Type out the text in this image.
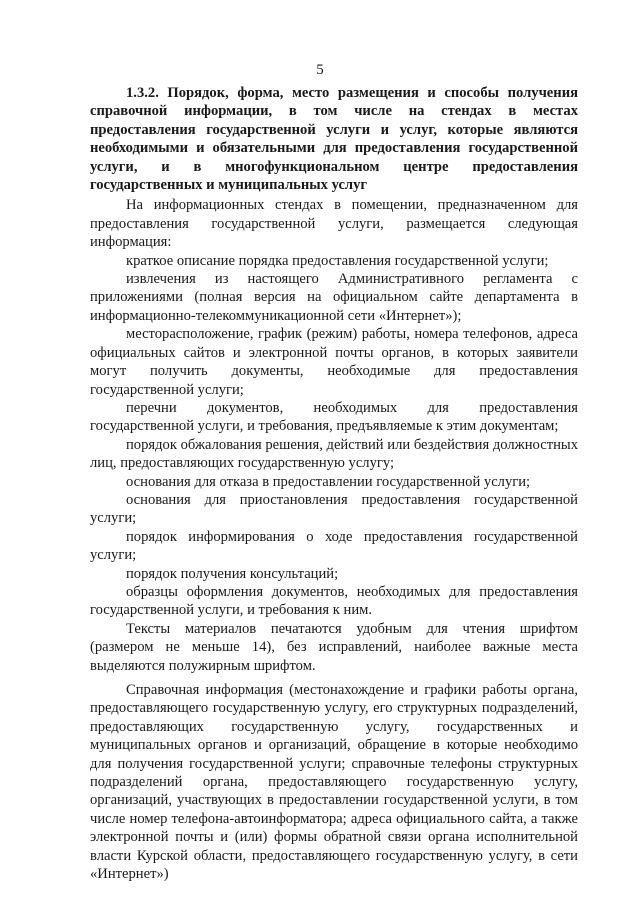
5

1.3.2. Порядок, форма, место размещения и способы получения справочной информации, в том числе на стендах в местах предоставления государственной услуги и услуг, которые являются необходимыми и обязательными для предоставления государственной услуги, и в многофункциональном центре предоставления государственных и муниципальных услуг

На информационных стендах в помещении, предназначенном для предоставления государственной услуги, размещается следующая информация:

краткое описание порядка предоставления государственной услуги;

извлечения из настоящего Административного регламента с приложениями (полная версия на официальном сайте департамента в информационно-телекоммуникационной сети «Интернет»);

месторасположение, график (режим) работы, номера телефонов, адреса официальных сайтов и электронной почты органов, в которых заявители могут получить документы, необходимые для предоставления государственной услуги;

перечни документов, необходимых для предоставления государственной услуги, и требования, предъявляемые к этим документам;

порядок обжалования решения, действий или бездействия должностных лиц, предоставляющих государственную услугу;

основания для отказа в предоставлении государственной услуги;

основания для приостановления предоставления государственной услуги;

порядок информирования о ходе предоставления государственной услуги;

порядок получения консультаций;

образцы оформления документов, необходимых для предоставления государственной услуги, и требования к ним.

Тексты материалов печатаются удобным для чтения шрифтом (размером не меньше 14), без исправлений, наиболее важные места выделяются полужирным шрифтом.

Справочная информация (местонахождение и графики работы органа, предоставляющего государственную услугу, его структурных подразделений, предоставляющих государственную услугу, государственных и муниципальных органов и организаций, обращение в которые необходимо для получения государственной услуги; справочные телефоны структурных подразделений органа, предоставляющего государственную услугу, организаций, участвующих в предоставлении государственной услуги, в том числе номер телефона-автоинформатора; адреса официального сайта, а также электронной почты и (или) формы обратной связи органа исполнительной власти Курской области, предоставляющего государственную услугу, в сети «Интернет»)
